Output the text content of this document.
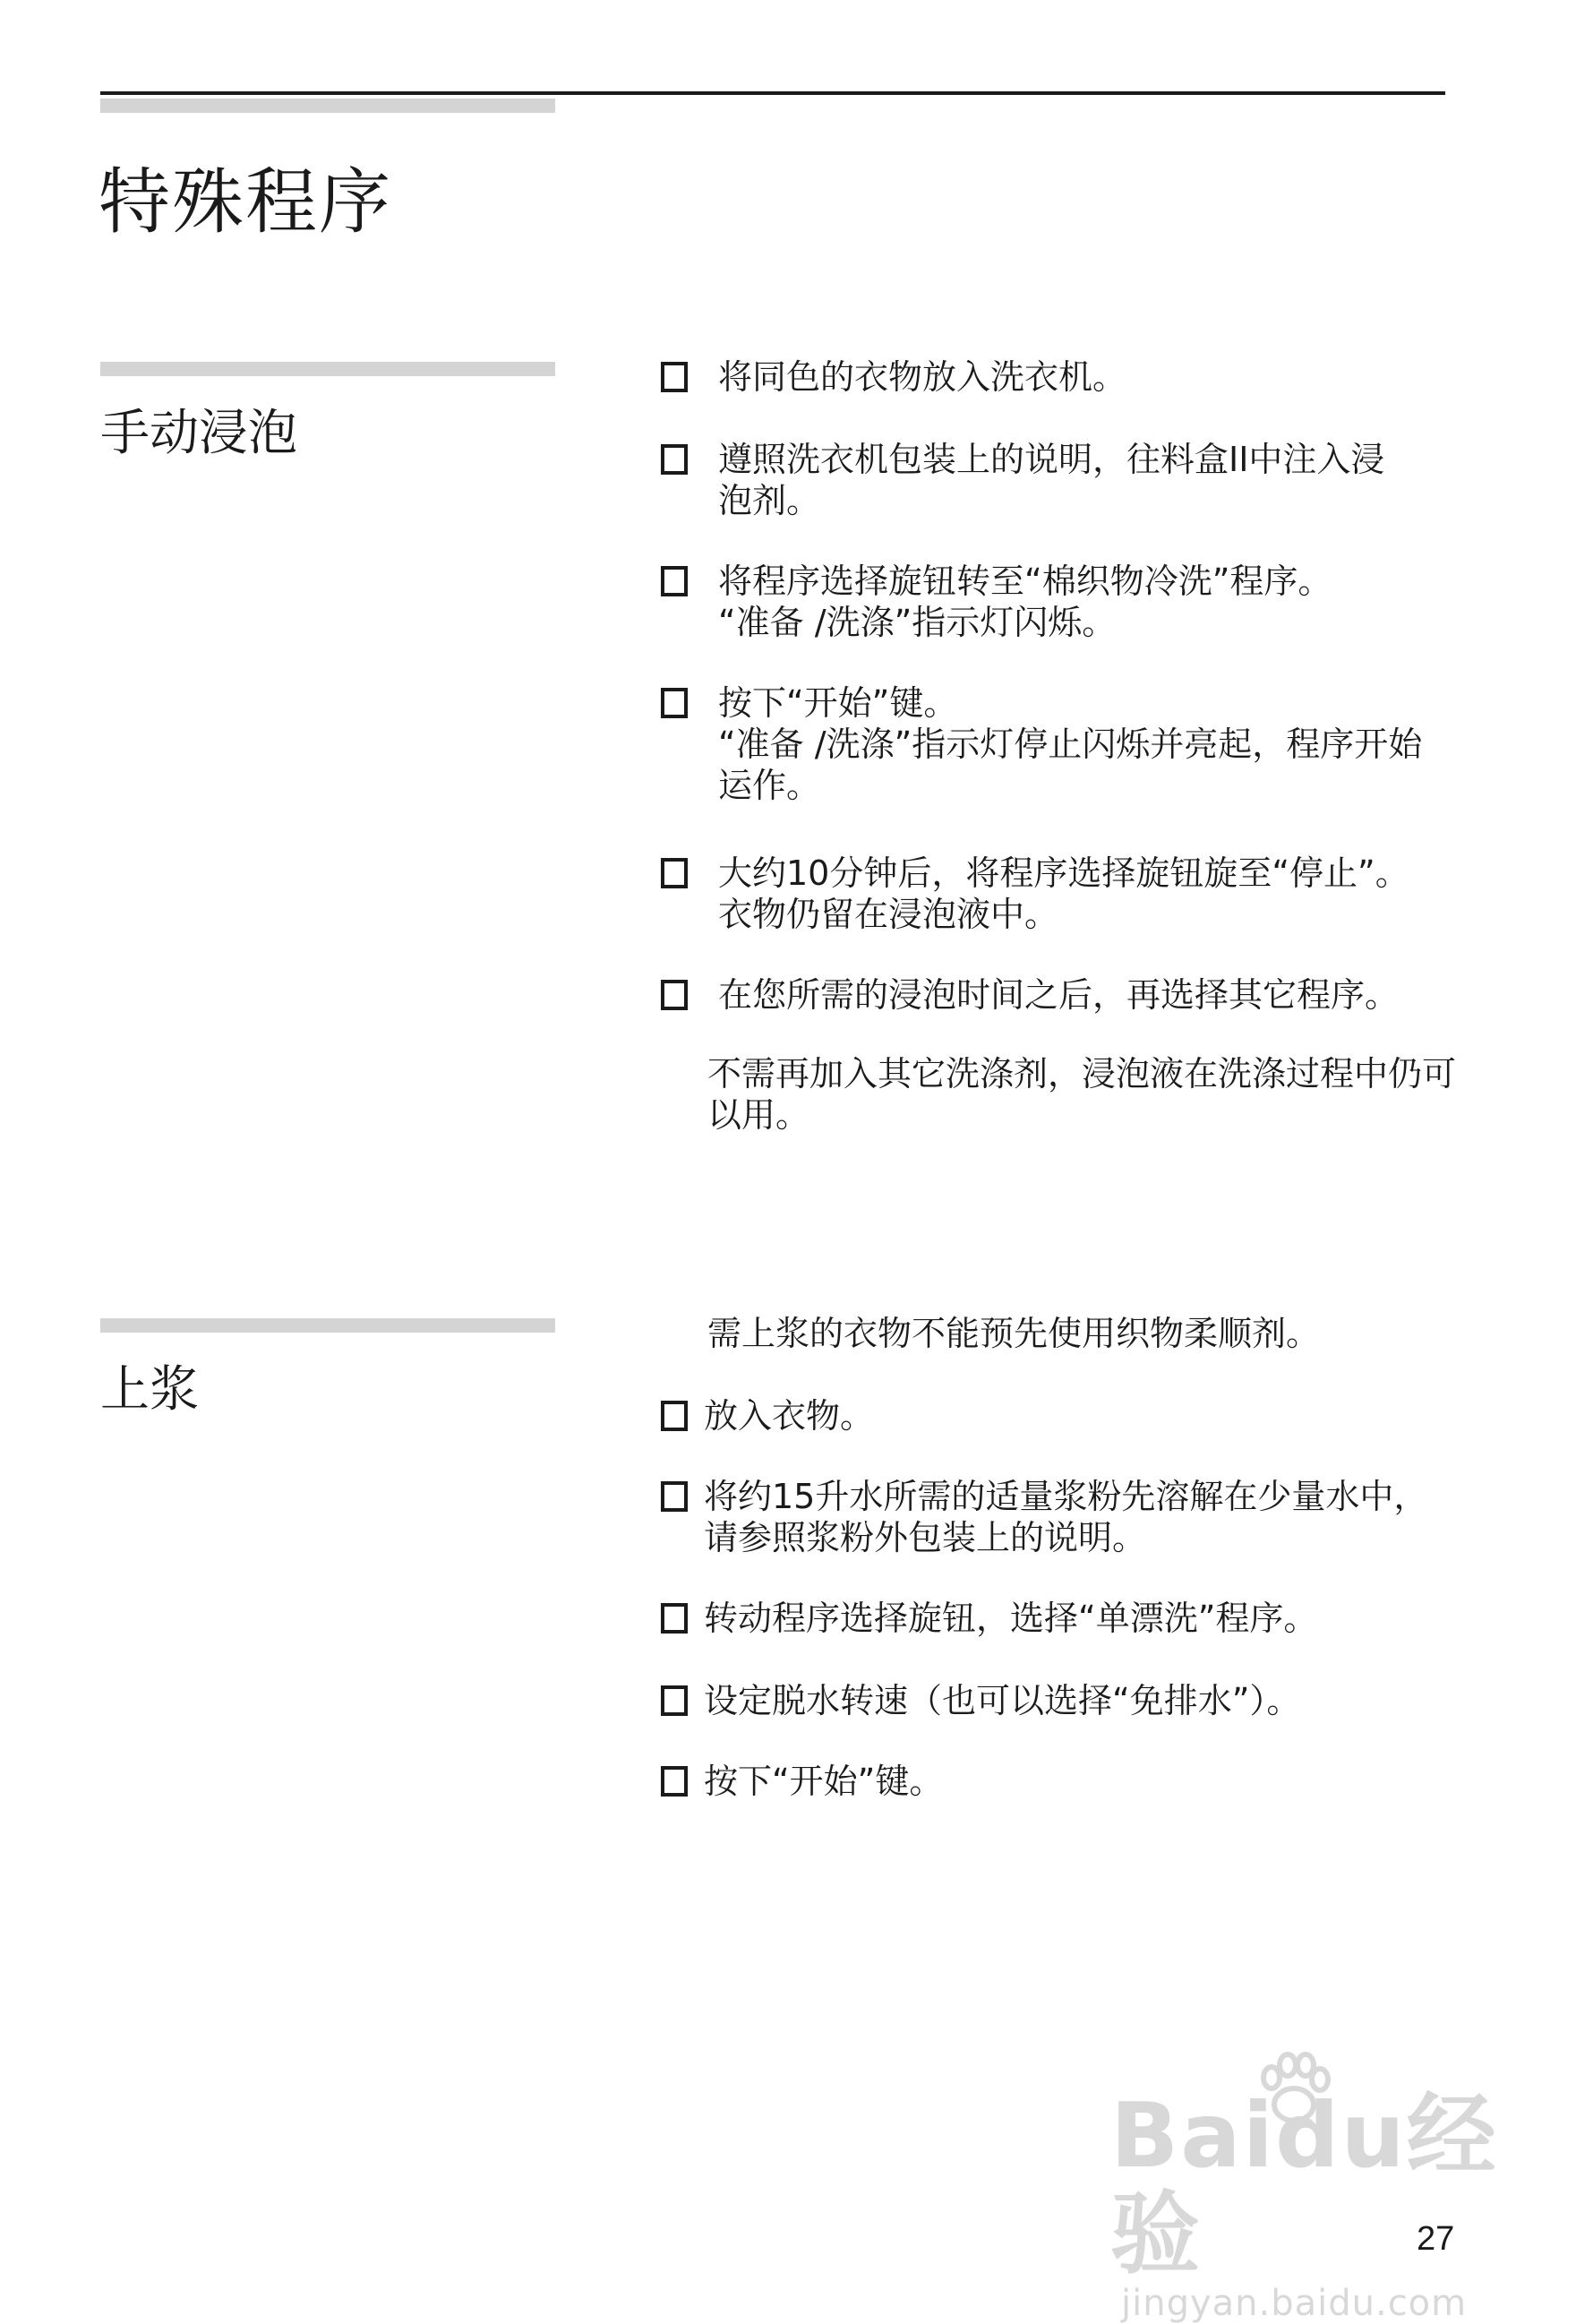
特殊程序
手动浸泡
将同色的衣物放入洗衣机。
遵照洗衣机包装上的说明，往料盒II中注入浸泡剂。
将程序选择旋钮转至“棉织物冷洗”程序。
“准备 /洗涤”指示灯闪烁。
按下“开始”键。
“准备 /洗涤”指示灯停止闪烁并亮起，程序开始运作。
大约10分钟后，将程序选择旋钮旋至“停止”。
衣物仍留在浸泡液中。
在您所需的浸泡时间之后，再选择其它程序。
不需再加入其它洗涤剂，浸泡液在洗涤过程中仍可以用。
上浆
需上浆的衣物不能预先使用织物柔顺剂。
放入衣物。
将约15升水所需的适量浆粉先溶解在少量水中，请参照浆粉外包装上的说明。
转动程序选择旋钮，选择“单漂洗”程序。
设定脱水转速（也可以选择“免排水”）。
按下“开始”键。
Baidu经验
jingyan.baidu.com
27
